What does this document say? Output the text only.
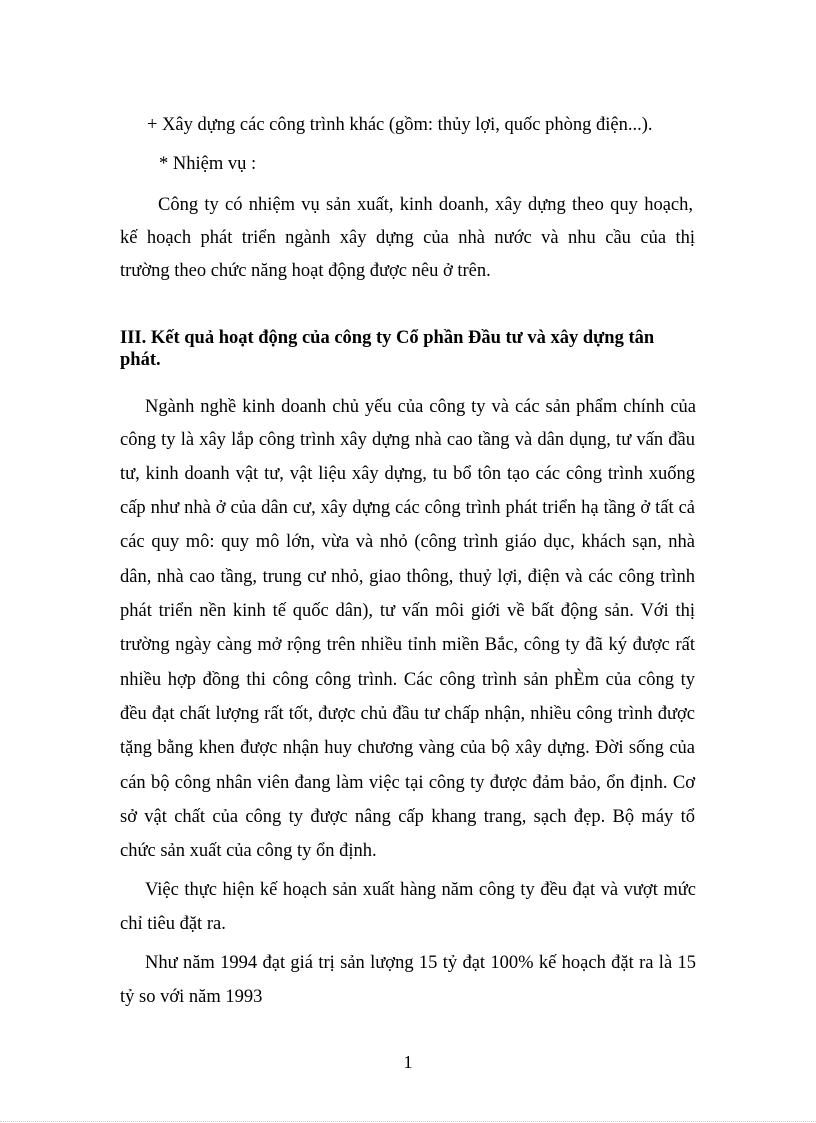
+ Xây dựng các công trình khác (gồm: thủy lợi, quốc phòng điện...).
* Nhiệm vụ :
Công ty có nhiệm vụ sản xuất, kinh doanh, xây dựng theo quy hoạch,
kế hoạch phát triển ngành xây dựng của nhà nước và nhu cầu của thị
trường theo chức năng hoạt động được nêu ở trên.
III. Kết quả hoạt động của công ty Cổ phần Đầu tư và xây dựng tân
phát.
Ngành nghề kinh doanh chủ yếu của công ty và các sản phẩm chính của
công ty là xây lắp công trình xây dựng nhà cao tầng và dân dụng, tư vấn đầu
tư, kinh doanh vật tư, vật liệu xây dựng, tu bổ tôn tạo các công trình xuống
cấp như nhà ở của dân cư, xây dựng các công trình phát triển hạ tầng ở tất cả
các quy mô: quy mô lớn, vừa và nhỏ (công trình giáo dục, khách sạn, nhà
dân, nhà cao tầng, trung cư nhỏ, giao thông, thuỷ lợi, điện và các công trình
phát triển nền kinh tế quốc dân), tư vấn môi giới về bất động sản. Với thị
trường ngày càng mở rộng trên nhiều tỉnh miền Bắc, công ty đã ký được rất
nhiều hợp đồng thi công công trình. Các công trình sản phÈm của công ty
đều đạt chất lượng rất tốt, được chủ đầu tư chấp nhận, nhiều công trình được
tặng bằng khen được nhận huy chương vàng của bộ xây dựng. Đời sống của
cán bộ công nhân viên đang làm việc tại công ty được đảm bảo, ổn định. Cơ
sở vật chất của công ty được nâng cấp khang trang, sạch đẹp. Bộ máy tổ
chức sản xuất của công ty ổn định.
Việc thực hiện kế hoạch sản xuất hàng năm công ty đều đạt và vượt mức
chỉ tiêu đặt ra.
Như năm 1994 đạt giá trị sản lượng 15 tỷ đạt 100% kế hoạch đặt ra là 15
tỷ so với năm 1993
1
